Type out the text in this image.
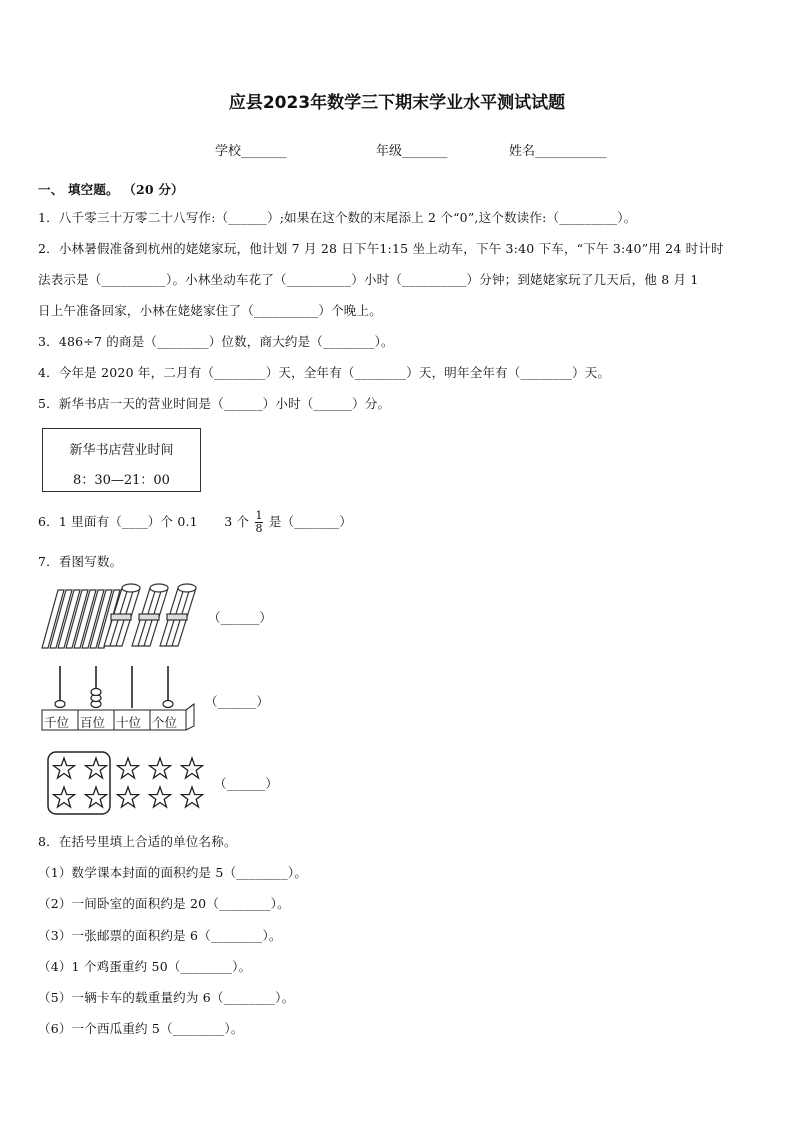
应县2023年数学三下期末学业水平测试试题
学校_______	年级_______	姓名___________
一、 填空题。 （20 分）
1．八千零三十万零二十八写作:（______）;如果在这个数的末尾添上 2 个“0”,这个数读作:（_________）。
2．小林暑假准备到杭州的姥姥家玩，他计划 7 月 28 日下午1:15 坐上动车，下午 3:40 下车，“下午 3:40”用 24 时计时
法表示是（__________）。小林坐动车花了（__________）小时（__________）分钟；到姥姥家玩了几天后，他 8 月 1
日上午准备回家，小林在姥姥家住了（__________）个晚上。
3．486÷7 的商是（________）位数，商大约是（________）。
4．今年是 2020 年，二月有（________）天，全年有（________）天，明年全年有（________）天。
5．新华书店一天的营业时间是（______）小时（______）分。
新华书店营业时间
8：30—21：00
6．1 里面有（____）个 0.1 3 个 $\frac{1}{8}$ 是（_______）
7．看图写数。
（______）
千位 百位 十位 个位
（______）
（______）
8．在括号里填上合适的单位名称。
（1）数学课本封面的面积约是 5（________）。
（2）一间卧室的面积约是 20（________）。
（3）一张邮票的面积约是 6（________）。
（4）1 个鸡蛋重约 50（________）。
（5）一辆卡车的载重量约为 6（________）。
（6）一个西瓜重约 5（________）。
